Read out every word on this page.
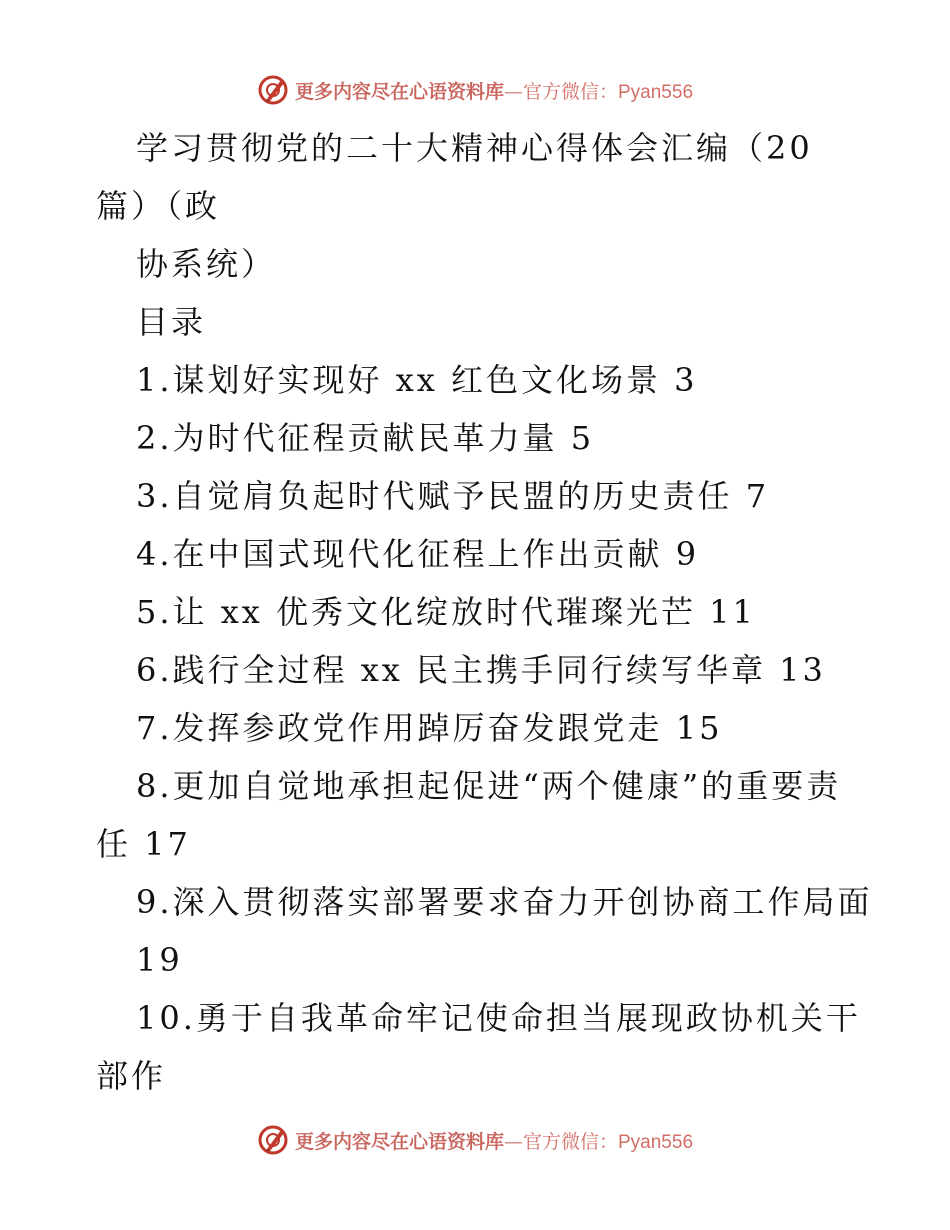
更多内容尽在心语资料库—官方微信：Pyan556
学习贯彻党的二十大精神心得体会汇编（20
篇）（政
协系统）
目录
1.谋划好实现好 xx 红色文化场景 3
2.为时代征程贡献民革力量 5
3.自觉肩负起时代赋予民盟的历史责任 7
4.在中国式现代化征程上作出贡献 9
5.让 xx 优秀文化绽放时代璀璨光芒 11
6.践行全过程 xx 民主携手同行续写华章 13
7.发挥参政党作用踔厉奋发跟党走 15
8.更加自觉地承担起促进“两个健康”的重要责
任 17
9.深入贯彻落实部署要求奋力开创协商工作局面
19
10.勇于自我革命牢记使命担当展现政协机关干
部作
更多内容尽在心语资料库—官方微信：Pyan556
